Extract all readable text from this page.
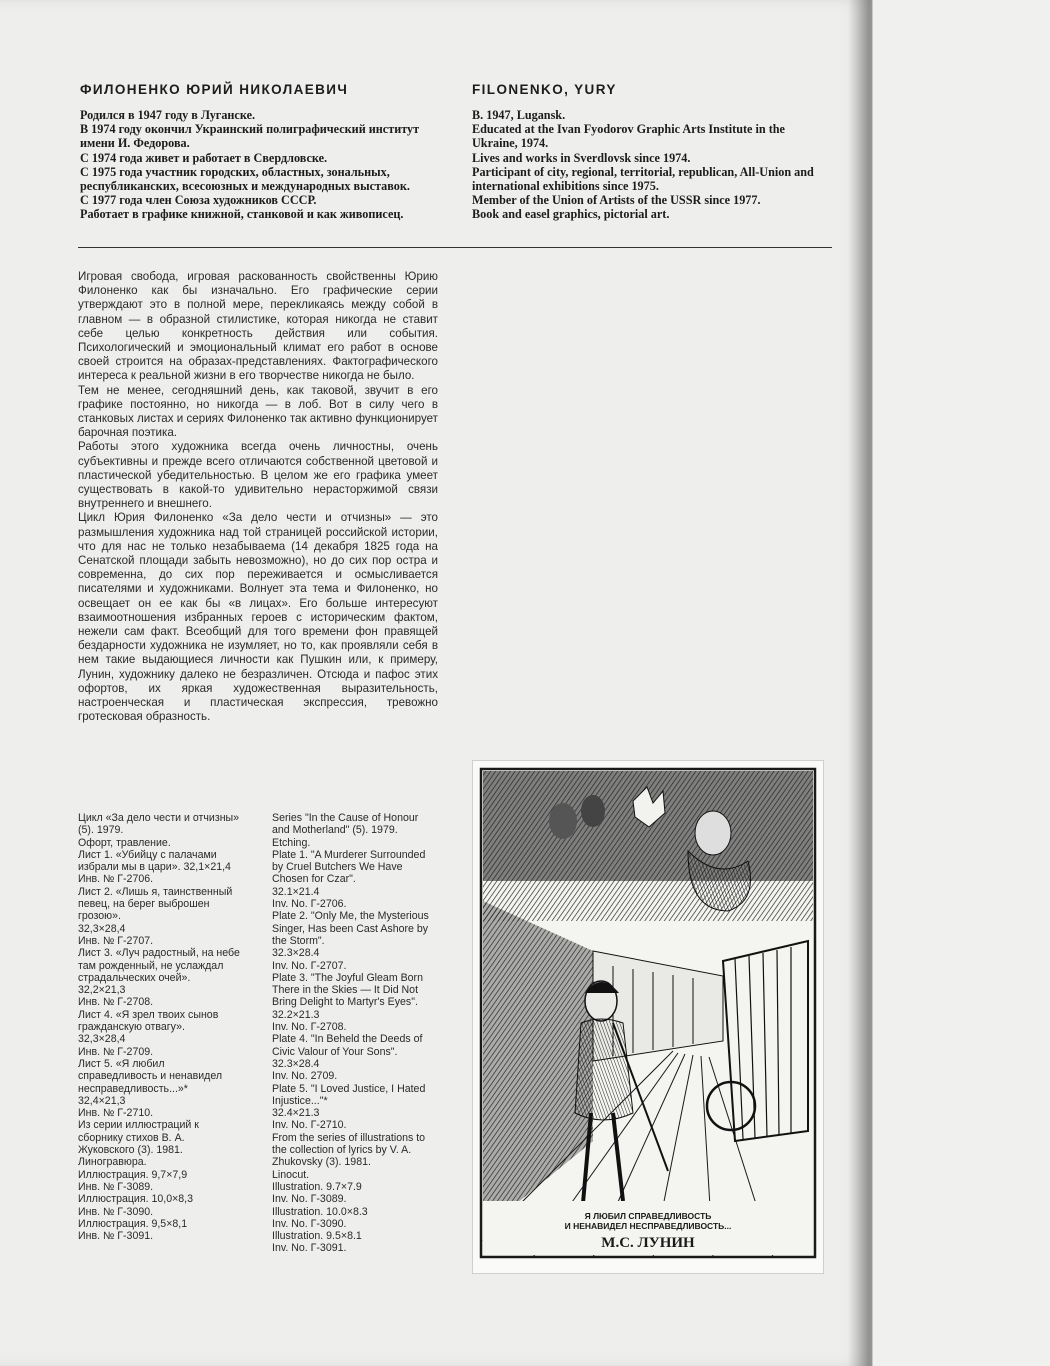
ФИЛОНЕНКО ЮРИЙ НИКОЛАЕВИЧ

Родился в 1947 году в Луганске.

В 1974 году окончил Украинский полиграфический институт имени И. Федорова.

С 1974 года живет и работает в Свердловске.

С 1975 года участник городских, областных, зональных, республиканских, всесоюзных и международных выставок.

С 1977 года член Союза художников СССР.

Работает в графике книжной, станковой и как живописец.

FILONENKO, YURY

B. 1947, Lugansk.

Educated at the Ivan Fyodorov Graphic Arts Institute in the Ukraine, 1974.

Lives and works in Sverdlovsk since 1974.

Participant of city, regional, territorial, republican, All-Union and international exhibitions since 1975.

Member of the Union of Artists of the USSR since 1977.

Book and easel graphics, pictorial art.

Игровая свобода, игровая раскованность свойственны Юрию Филоненко как бы изначально. Его графические серии утверждают это в полной мере, перекликаясь между собой в главном — в образной стилистике, которая никогда не ставит себе целью конкретность действия или события. Психологический и эмоциональный климат его работ в основе своей строится на образах-представлениях. Фактографического интереса к реальной жизни в его творчестве никогда не было.

Тем не менее, сегодняшний день, как таковой, звучит в его графике постоянно, но никогда — в лоб. Вот в силу чего в станковых листах и сериях Филоненко так активно функционирует барочная поэтика.

Работы этого художника всегда очень личностны, очень субъективны и прежде всего отличаются собственной цветовой и пластической убедительностью. В целом же его графика умеет существовать в какой-то удивительно нерасторжимой связи внутреннего и внешнего.

Цикл Юрия Филоненко «За дело чести и отчизны» — это размышления художника над той страницей российской истории, что для нас не только незабываема (14 декабря 1825 года на Сенатской площади забыть невозможно), но до сих пор остра и современна, до сих пор переживается и осмысливается писателями и художниками. Волнует эта тема и Филоненко, но освещает он ее как бы «в лицах». Его больше интересуют взаимоотношения избранных героев с историческим фактом, нежели сам факт. Всеобщий для того времени фон правящей бездарности художника не изумляет, но то, как проявляли себя в нем такие выдающиеся личности как Пушкин или, к примеру, Лунин, художнику далеко не безразличен. Отсюда и пафос этих офортов, их яркая художественная выразительность, настроенческая и пластическая экспрессия, тревожно гротесковая образность.

Цикл «За дело чести и отчизны» (5). 1979.
Офорт, травление.
Лист 1. «Убийцу с палачами избрали мы в цари». 32,1×21,4
Инв. № Г-2706.
Лист 2. «Лишь я, таинственный певец, на берег выброшен грозою».
32,3×28,4
Инв. № Г-2707.
Лист 3. «Луч радостный, на небе там рожденный, не услаждал страдальческих очей».
32,2×21,3
Инв. № Г-2708.
Лист 4. «Я зрел твоих сынов гражданскую отвагу».
32,3×28,4
Инв. № Г-2709.
Лист 5. «Я любил справедливость и ненавидел несправедливость...»*
32,4×21,3
Инв. № Г-2710.
Из серии иллюстраций к сборнику стихов В. А. Жуковского (3). 1981.
Линогравюра.
Иллюстрация. 9,7×7,9
Инв. № Г-3089.
Иллюстрация. 10,0×8,3
Инв. № Г-3090.
Иллюстрация. 9,5×8,1
Инв. № Г-3091.
Series "In the Cause of Honour and Motherland" (5). 1979.
Etching.
Plate 1. "A Murderer Surrounded by Cruel Butchers We Have Chosen for Czar".
32.1×21.4
Inv. No. Г-2706.
Plate 2. "Only Me, the Mysterious Singer, Has been Cast Ashore by the Storm".
32.3×28.4
Inv. No. Г-2707.
Plate 3. "The Joyful Gleam Born There in the Skies — It Did Not Bring Delight to Martyr's Eyes".
32.2×21.3
Inv. No. Г-2708.
Plate 4. "In Beheld the Deeds of Civic Valour of Your Sons".
32.3×28.4
Inv. No. 2709.
Plate 5. "I Loved Justice, I Hated Injustice..."*
32.4×21.3
Inv. No. Г-2710.
From the series of illustrations to the collection of lyrics by V. A. Zhukovsky (3). 1981.
Linocut.
Illustration. 9.7×7.9
Inv. No. Г-3089.
Illustration. 10.0×8.3
Inv. No. Г-3090.
Illustration. 9.5×8.1
Inv. No. Г-3091.
Я ЛЮБИЛ СПРАВЕДЛИВОСТЬ
И НЕНАВИДЕЛ НЕСПРАВЕДЛИВОСТЬ...
М.С. ЛУНИН
